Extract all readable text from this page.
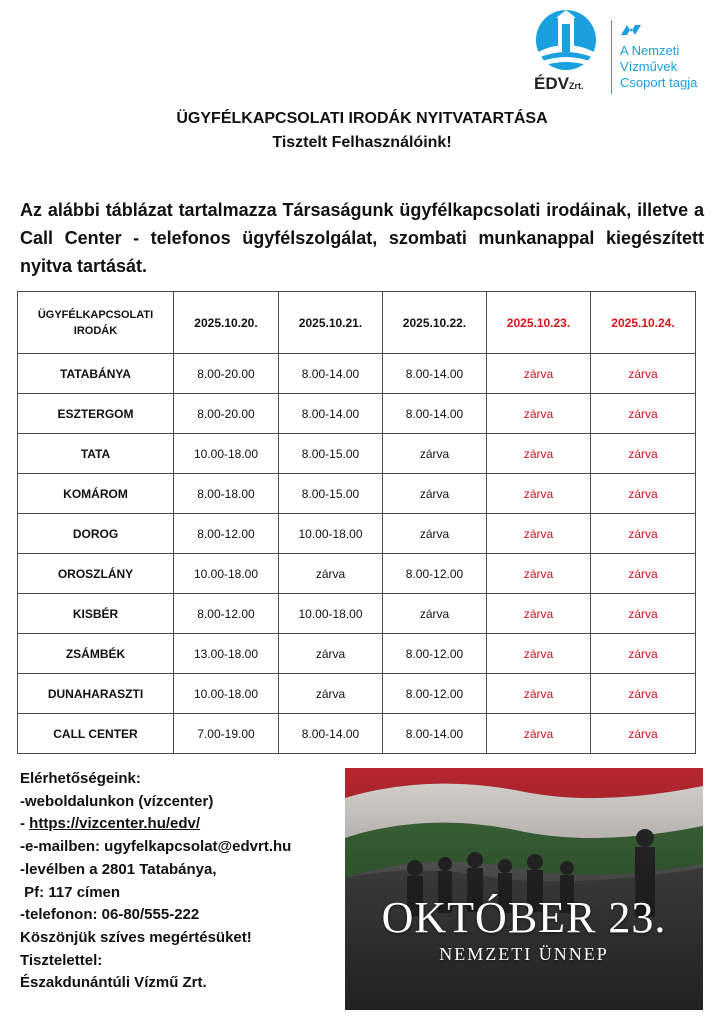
ÉDVZrt.
A Nemzeti
Vízművek
Csoport tagja
ÜGYFÉLKAPCSOLATI IRODÁK NYITVATARTÁSA
Tisztelt Felhasználóink!

Az alábbi táblázat tartalmazza Társaságunk ügyfélkapcsolati irodáinak, illetve a Call Center - telefonos ügyfélszolgálat, szombati munkanappal kiegészített nyitva tartását.

ÜGYFÉLKAPCSOLATI
IRODÁK	2025.10.20.	2025.10.21.	2025.10.22.	2025.10.23.	2025.10.24.
TATABÁNYA	8.00-20.00	8.00-14.00	8.00-14.00	zárva	zárva
ESZTERGOM	8.00-20.00	8.00-14.00	8.00-14.00	zárva	zárva
TATA	10.00-18.00	8.00-15.00	zárva	zárva	zárva
KOMÁROM	8.00-18.00	8.00-15.00	zárva	zárva	zárva
DOROG	8.00-12.00	10.00-18.00	zárva	zárva	zárva
OROSZLÁNY	10.00-18.00	zárva	8.00-12.00	zárva	zárva
KISBÉR	8.00-12.00	10.00-18.00	zárva	zárva	zárva
ZSÁMBÉK	13.00-18.00	zárva	8.00-12.00	zárva	zárva
DUNAHARASZTI	10.00-18.00	zárva	8.00-12.00	zárva	zárva
CALL CENTER	7.00-19.00	8.00-14.00	8.00-14.00	zárva	zárva
Elérhetőségeink:
-weboldalunkon (vízcenter)
- https://vizcenter.hu/edv/
-e-mailben: ugyfelkapcsolat@edvrt.hu
-levélben a 2801 Tatabánya,
Pf: 117 címen
-telefonon: 06-80/555-222
Köszönjük szíves megértésüket!
Tisztelettel:
Északdunántúli Vízmű Zrt.
OKTÓBER 23.
NEMZETI ÜNNEP
